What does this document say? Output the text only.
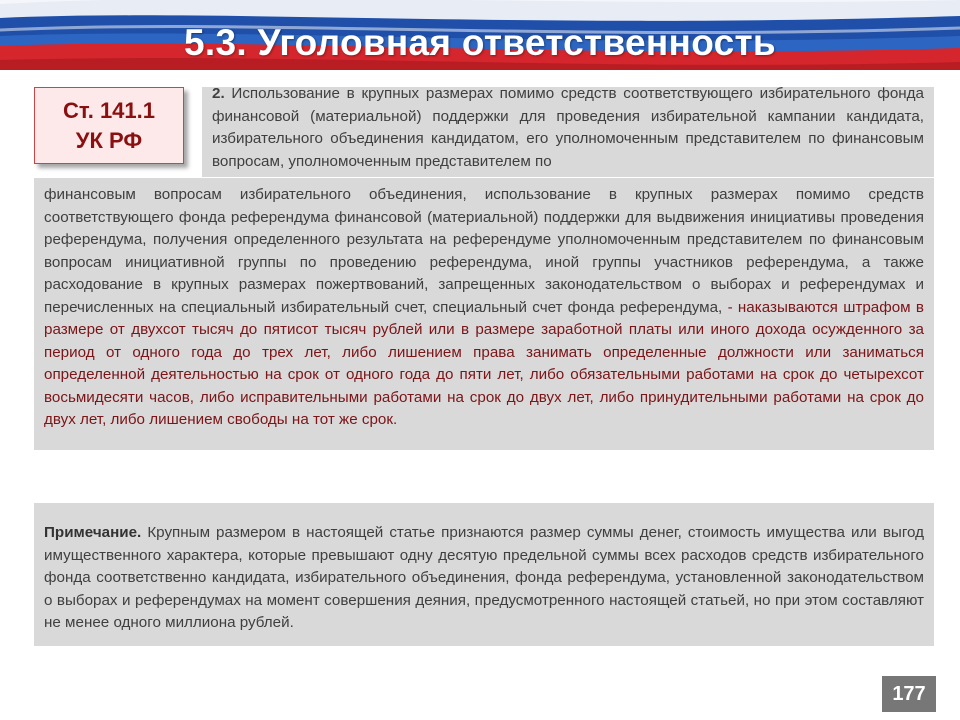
5.3. Уголовная ответственность
Ст. 141.1
УК РФ
2. Использование в крупных размерах помимо средств соответствующего избирательного фонда финансовой (материальной) поддержки для проведения избирательной кампании кандидата, избирательного объединения кандидатом, его уполномоченным представителем по финансовым вопросам, уполномоченным представителем по
финансовым вопросам избирательного объединения, использование в крупных размерах помимо средств соответствующего фонда референдума финансовой (материальной) поддержки для выдвижения инициативы проведения референдума, получения определенного результата на референдуме уполномоченным представителем по финансовым вопросам инициативной группы по проведению референдума, иной группы участников референдума, а также расходование в крупных размерах пожертвований, запрещенных законодательством о выборах и референдумах и перечисленных на специальный избирательный счет, специальный счет фонда референдума, - наказываются штрафом в размере от двухсот тысяч до пятисот тысяч рублей или в размере заработной платы или иного дохода осужденного за период от одного года до трех лет, либо лишением права занимать определенные должности или заниматься определенной деятельностью на срок от одного года до пяти лет, либо обязательными работами на срок до четырехсот восьмидесяти часов, либо исправительными работами на срок до двух лет, либо принудительными работами на срок до двух лет, либо лишением свободы на тот же срок.
Примечание. Крупным размером в настоящей статье признаются размер суммы денег, стоимость имущества или выгод имущественного характера, которые превышают одну десятую предельной суммы всех расходов средств избирательного фонда соответственно кандидата, избирательного объединения, фонда референдума, установленной законодательством о выборах и референдумах на момент совершения деяния, предусмотренного настоящей статьей, но при этом составляют не менее одного миллиона рублей.
177
